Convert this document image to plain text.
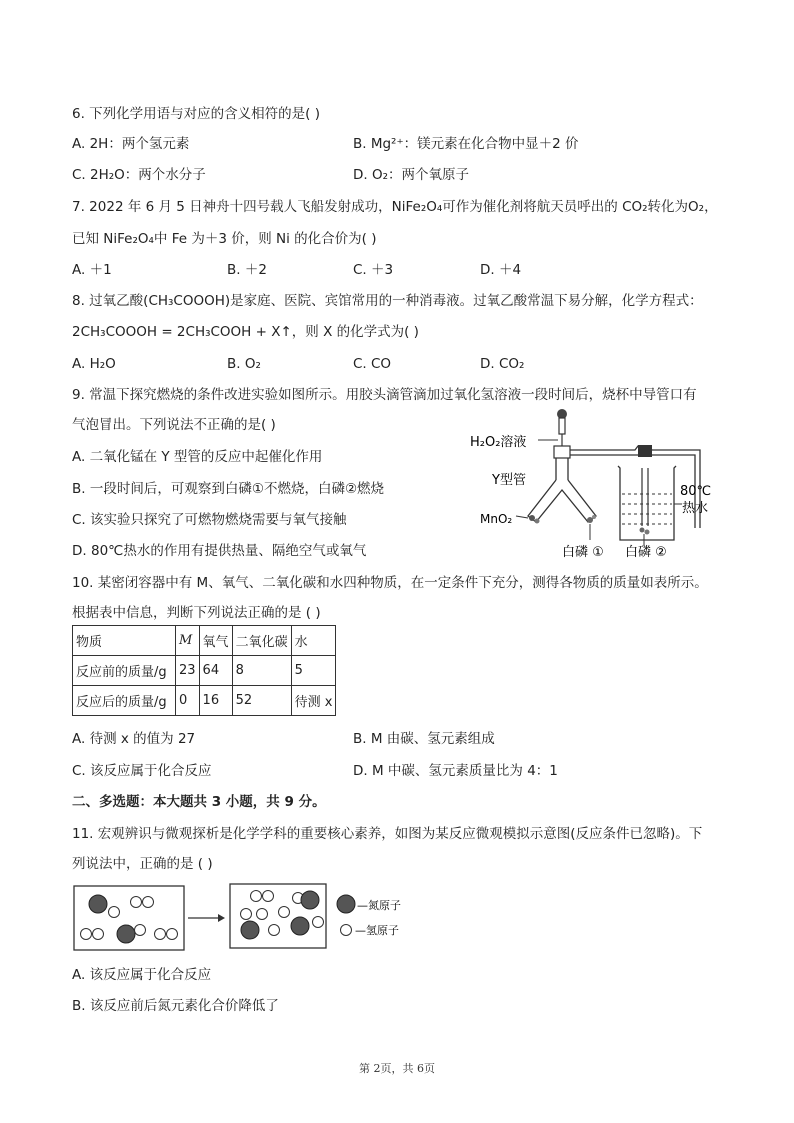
6. 下列化学用语与对应的含义相符的是( )
A. 2H：两个氢元素	B. Mg²⁺：镁元素在化合物中显＋2 价
C. 2H₂O：两个水分子	D. O₂：两个氧原子
7. 2022 年 6 月 5 日神舟十四号载人飞船发射成功，NiFe₂O₄可作为催化剂将航天员呼出的 CO₂转化为O₂，
已知 NiFe₂O₄中 Fe 为＋3 价，则 Ni 的化合价为( )
A. ＋1	B. ＋2	C. ＋3	D. ＋4
8. 过氧乙酸(CH₃COOOH)是家庭、医院、宾馆常用的一种消毒液。过氧乙酸常温下易分解，化学方程式：
2CH₃COOOH = 2CH₃COOH + X↑，则 X 的化学式为( )
A. H₂O	B. O₂	C. CO	D. CO₂
9. 常温下探究燃烧的条件改进实验如图所示。用胶头滴管滴加过氧化氢溶液一段时间后，烧杯中导管口有
气泡冒出。下列说法不正确的是( )
A. 二氧化锰在 Y 型管的反应中起催化作用
B. 一段时间后，可观察到白磷①不燃烧，白磷②燃烧
C. 该实验只探究了可燃物燃烧需要与氧气接触
D. 80℃热水的作用有提供热量、隔绝空气或氧气
H₂O₂溶液
Y型管
MnO₂
80℃
热水
白磷 ① 白磷 ②
10. 某密闭容器中有 M、氧气、二氧化碳和水四种物质，在一定条件下充分，测得各物质的质量如表所示。
根据表中信息，判断下列说法正确的是 ( )
物质	M	氧气	二氧化碳	水
反应前的质量/g	23	64	8	5
反应后的质量/g	0	16	52	待测 x
A. 待测 x 的值为 27	B. M 由碳、氢元素组成
C. 该反应属于化合反应	D. M 中碳、氢元素质量比为 4：1
二、多选题：本大题共 3 小题，共 9 分。
11. 宏观辨识与微观探析是化学学科的重要核心素养，如图为某反应微观模拟示意图(反应条件已忽略)。下
列说法中，正确的是 ( )
—氮原子
—氢原子
A. 该反应属于化合反应
B. 该反应前后氮元素化合价降低了
第 2页，共 6页
